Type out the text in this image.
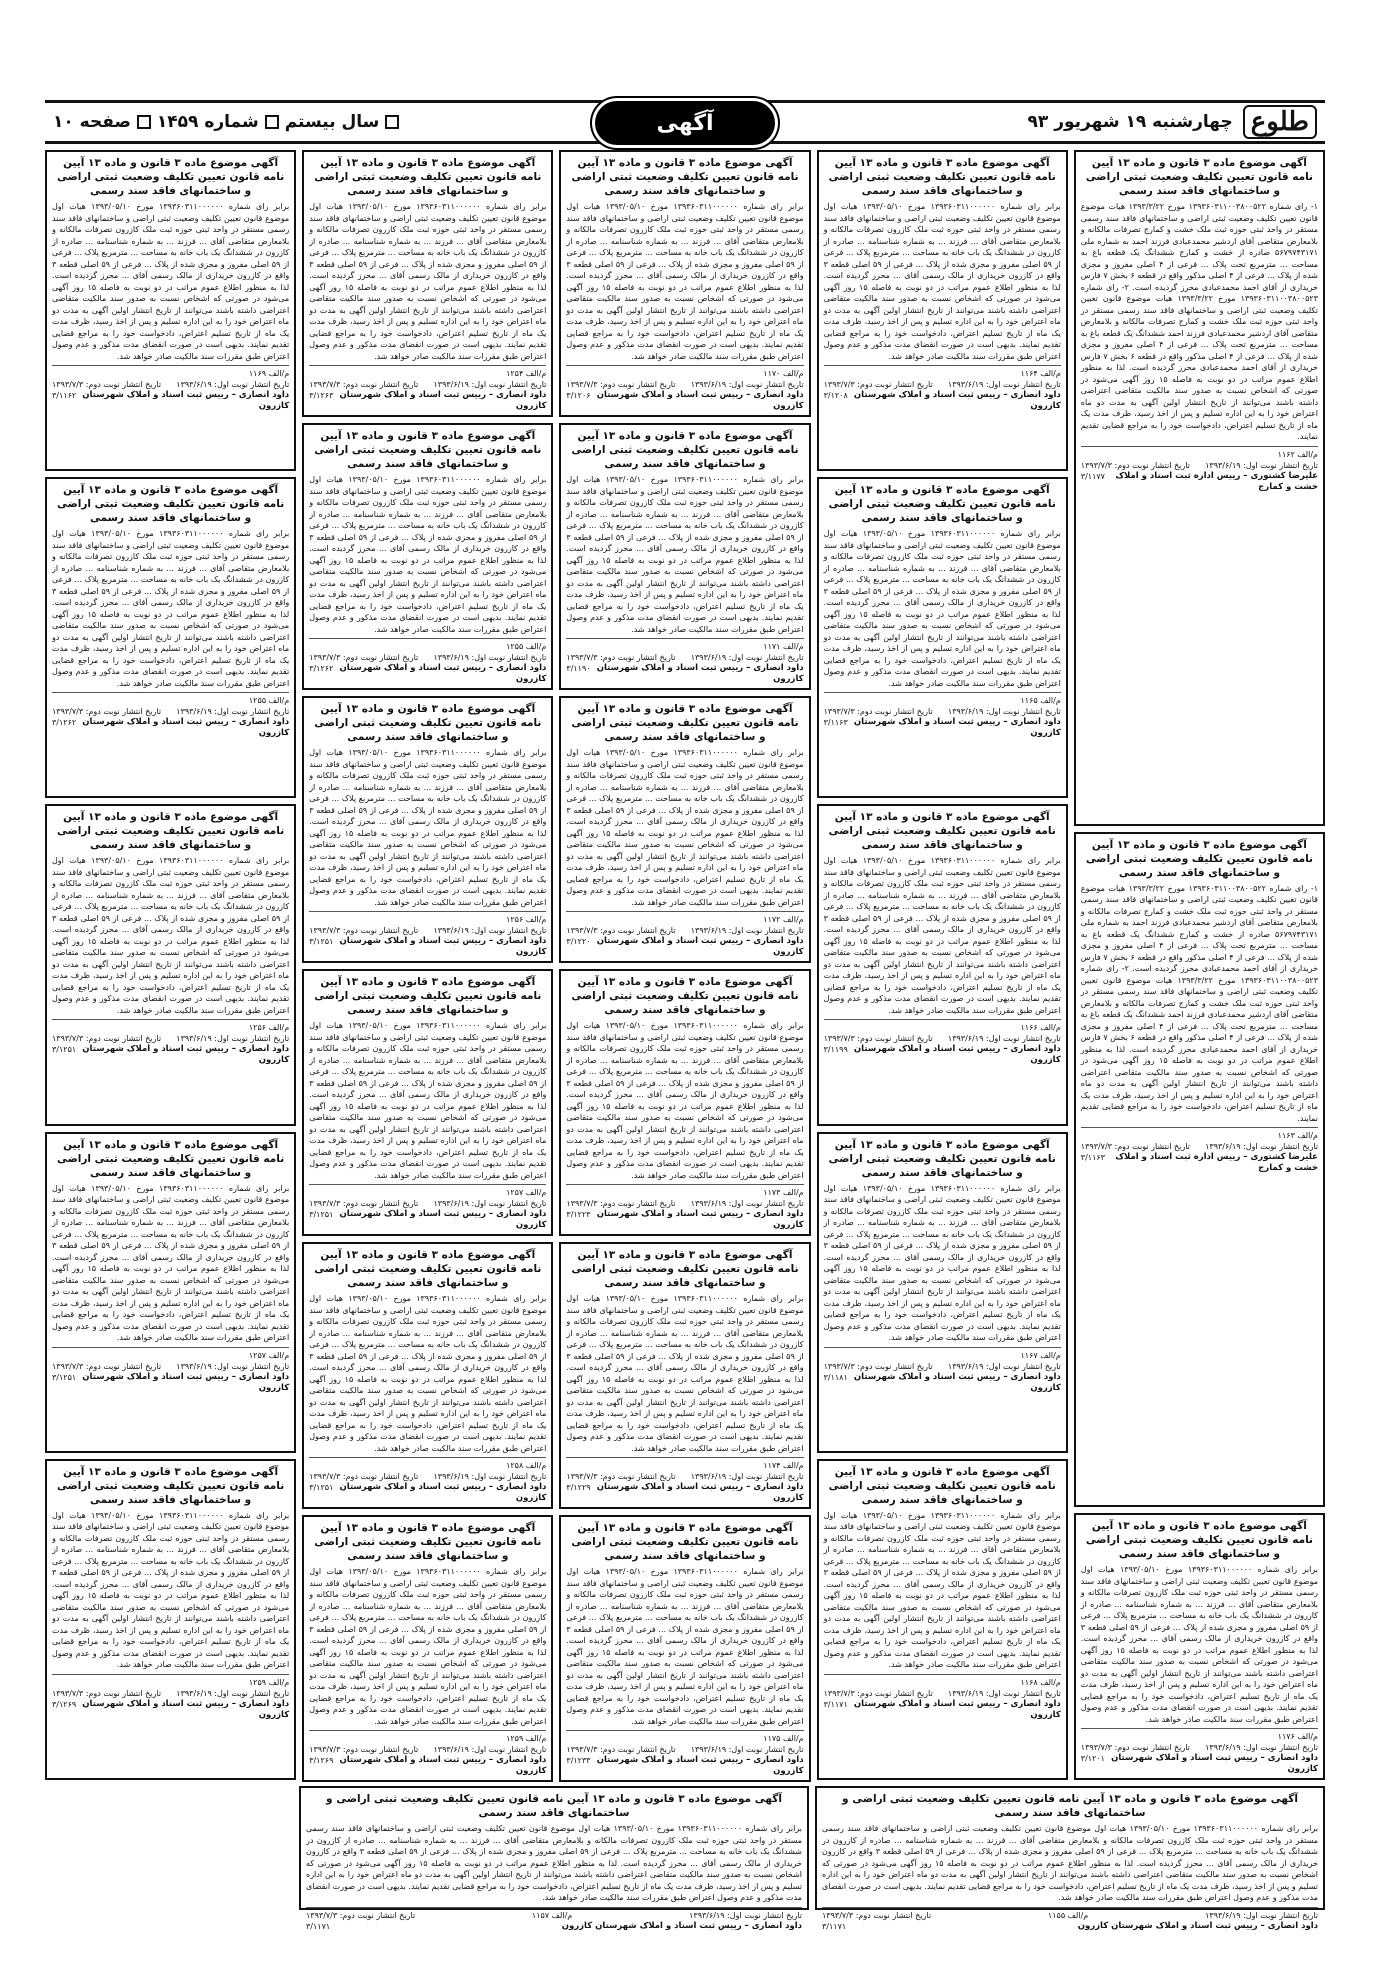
طلوع
چهارشنبه ۱۹ شهریور ۹۳
آگهی
سال بیستم
شماره ۱۴۵۹
صفحه ۱۰
آگهی موضوع ماده ۳ قانون و ماده ۱۳ آیین نامه قانون تعیین تکلیف وضعیت ثبتی اراضی و ساختمانهای فاقد سند رسمی
۱- رای شماره ۱۳۹۳۶۰۳۱۱۰۰۳۸۰۰۵۲۲ مورخ ۱۳۹۳/۳/۲۲ هیات موضوع قانون تعیین تکلیف وضعیت ثبتی اراضی و ساختمانهای فاقد سند رسمی مستقر در واحد ثبتی حوزه ثبت ملک خشت و کمارج تصرفات مالکانه و بلامعارض متقاضی آقای اردشیر محمدعبادی فرزند احمد به شماره ملی ۵۶۷۹۷۴۳۱۷۱ صادره از خشت و کمارج ششدانگ یک قطعه باغ به مساحت ... مترمربع تحت پلاک ... فرعی از ۴ اصلی مفروز و مجزی شده از پلاک ... فرعی از ۴ اصلی مذکور واقع در قطعه ۶ بخش ۷ فارس خریداری از آقای احمد محمدعبادی محرز گردیده است. ۲- رای شماره ۱۳۹۳۶۰۳۱۱۰۰۳۸۰۰۵۲۳ مورخ ۱۳۹۳/۳/۲۲ هیات موضوع قانون تعیین تکلیف وضعیت ثبتی اراضی و ساختمانهای فاقد سند رسمی مستقر در واحد ثبتی حوزه ثبت ملک خشت و کمارج تصرفات مالکانه و بلامعارض متقاضی آقای اردشیر محمدعبادی فرزند احمد ششدانگ یک قطعه باغ به مساحت ... مترمربع تحت پلاک ... فرعی از ۴ اصلی مفروز و مجزی شده از پلاک ... فرعی از ۴ اصلی مذکور واقع در قطعه ۶ بخش ۷ فارس خریداری از آقای احمد محمدعبادی محرز گردیده است. لذا به منظور اطلاع عموم مراتب در دو نوبت به فاصله ۱۵ روز آگهی می‌شود در صورتی که اشخاص نسبت به صدور سند مالکیت متقاضی اعتراضی داشته باشند می‌توانند از تاریخ انتشار اولین آگهی به مدت دو ماه اعتراض خود را به این اداره تسلیم و پس از اخذ رسید، ظرف مدت یک ماه از تاریخ تسلیم اعتراض، دادخواست خود را به مراجع قضایی تقدیم نمایند.
م/الف ۱۱۶۲
تاریخ انتشار نوبت اول: ۱۳۹۳/۶/۱۹
تاریخ انتشار نوبت دوم: ۱۳۹۳/۷/۳
علیرضا کشتوری – رییس اداره ثبت اسناد و املاک خشت و کمارج
۳/۱۱۷۷
آگهی موضوع ماده ۳ قانون و ماده ۱۳ آیین نامه قانون تعیین تکلیف وضعیت ثبتی اراضی و ساختمانهای فاقد سند رسمی
۱- رای شماره ۱۳۹۳۶۰۳۱۱۰۰۳۸۰۰۵۲۲ مورخ ۱۳۹۳/۳/۲۲ هیات موضوع قانون تعیین تکلیف وضعیت ثبتی اراضی و ساختمانهای فاقد سند رسمی مستقر در واحد ثبتی حوزه ثبت ملک خشت و کمارج تصرفات مالکانه و بلامعارض متقاضی آقای اردشیر محمدعبادی فرزند احمد به شماره ملی ۵۶۷۹۷۴۳۱۷۱ صادره از خشت و کمارج ششدانگ یک قطعه باغ به مساحت ... مترمربع تحت پلاک ... فرعی از ۴ اصلی مفروز و مجزی شده از پلاک ... فرعی از ۴ اصلی مذکور واقع در قطعه ۶ بخش ۷ فارس خریداری از آقای احمد محمدعبادی محرز گردیده است. ۲- رای شماره ۱۳۹۳۶۰۳۱۱۰۰۳۸۰۰۵۲۳ مورخ ۱۳۹۳/۳/۲۲ هیات موضوع قانون تعیین تکلیف وضعیت ثبتی اراضی و ساختمانهای فاقد سند رسمی مستقر در واحد ثبتی حوزه ثبت ملک خشت و کمارج تصرفات مالکانه و بلامعارض متقاضی آقای اردشیر محمدعبادی فرزند احمد ششدانگ یک قطعه باغ به مساحت ... مترمربع تحت پلاک ... فرعی از ۴ اصلی مفروز و مجزی شده از پلاک ... فرعی از ۴ اصلی مذکور واقع در قطعه ۶ بخش ۷ فارس خریداری از آقای احمد محمدعبادی محرز گردیده است. لذا به منظور اطلاع عموم مراتب در دو نوبت به فاصله ۱۵ روز آگهی می‌شود در صورتی که اشخاص نسبت به صدور سند مالکیت متقاضی اعتراضی داشته باشند می‌توانند از تاریخ انتشار اولین آگهی به مدت دو ماه اعتراض خود را به این اداره تسلیم و پس از اخذ رسید، ظرف مدت یک ماه از تاریخ تسلیم اعتراض، دادخواست خود را به مراجع قضایی تقدیم نمایند.
م/الف ۱۱۶۳
تاریخ انتشار نوبت اول: ۱۳۹۳/۶/۱۹
تاریخ انتشار نوبت دوم: ۱۳۹۳/۷/۳
علیرضا کشتوری – رییس اداره ثبت اسناد و املاک خشت و کمارج
۳/۱۱۶۳
آگهی موضوع ماده ۳ قانون و ماده ۱۳ آیین نامه قانون تعیین تکلیف وضعیت ثبتی اراضی و ساختمانهای فاقد سند رسمی
برابر رای شماره ۱۳۹۳۶۰۳۱۱۰۰۰۰۰۰ مورخ ۱۳۹۳/۰۵/۱۰ هیات اول موضوع قانون تعیین تکلیف وضعیت ثبتی اراضی و ساختمانهای فاقد سند رسمی مستقر در واحد ثبتی حوزه ثبت ملک کازرون تصرفات مالکانه و بلامعارض متقاضی آقای ... فرزند ... به شماره شناسنامه ... صادره از کازرون در ششدانگ یک باب خانه به مساحت ... مترمربع پلاک ... فرعی از ۵۹ اصلی مفروز و مجزی شده از پلاک ... فرعی از ۵۹ اصلی قطعه ۳ واقع در کازرون خریداری از مالک رسمی آقای ... محرز گردیده است. لذا به منظور اطلاع عموم مراتب در دو نوبت به فاصله ۱۵ روز آگهی می‌شود در صورتی که اشخاص نسبت به صدور سند مالکیت متقاضی اعتراضی داشته باشند می‌توانند از تاریخ انتشار اولین آگهی به مدت دو ماه اعتراض خود را به این اداره تسلیم و پس از اخذ رسید، ظرف مدت یک ماه از تاریخ تسلیم اعتراض، دادخواست خود را به مراجع قضایی تقدیم نمایند. بدیهی است در صورت انقضای مدت مذکور و عدم وصول اعتراض طبق مقررات سند مالکیت صادر خواهد شد.
م/الف ۱۱۷۶
تاریخ انتشار نوبت اول: ۱۳۹۳/۶/۱۹
تاریخ انتشار نوبت دوم: ۱۳۹۳/۷/۳
داود انصاری – رییس ثبت اسناد و املاک شهرستان کازرون
۳/۱۲۰۱
آگهی موضوع ماده ۳ قانون و ماده ۱۳ آیین نامه قانون تعیین تکلیف وضعیت ثبتی اراضی و ساختمانهای فاقد سند رسمی
برابر رای شماره ۱۳۹۳۶۰۳۱۱۰۰۰۰۰۰ مورخ ۱۳۹۳/۰۵/۱۰ هیات اول موضوع قانون تعیین تکلیف وضعیت ثبتی اراضی و ساختمانهای فاقد سند رسمی مستقر در واحد ثبتی حوزه ثبت ملک کازرون تصرفات مالکانه و بلامعارض متقاضی آقای ... فرزند ... به شماره شناسنامه ... صادره از کازرون در ششدانگ یک باب خانه به مساحت ... مترمربع پلاک ... فرعی از ۵۹ اصلی مفروز و مجزی شده از پلاک ... فرعی از ۵۹ اصلی قطعه ۳ واقع در کازرون خریداری از مالک رسمی آقای ... محرز گردیده است. لذا به منظور اطلاع عموم مراتب در دو نوبت به فاصله ۱۵ روز آگهی می‌شود در صورتی که اشخاص نسبت به صدور سند مالکیت متقاضی اعتراضی داشته باشند می‌توانند از تاریخ انتشار اولین آگهی به مدت دو ماه اعتراض خود را به این اداره تسلیم و پس از اخذ رسید، ظرف مدت یک ماه از تاریخ تسلیم اعتراض، دادخواست خود را به مراجع قضایی تقدیم نمایند. بدیهی است در صورت انقضای مدت مذکور و عدم وصول اعتراض طبق مقررات سند مالکیت صادر خواهد شد.
م/الف ۱۱۶۴
تاریخ انتشار نوبت اول: ۱۳۹۳/۶/۱۹
تاریخ انتشار نوبت دوم: ۱۳۹۳/۷/۳
داود انصاری – رییس ثبت اسناد و املاک شهرستان کازرون
۳/۱۲۰۸
آگهی موضوع ماده ۳ قانون و ماده ۱۳ آیین نامه قانون تعیین تکلیف وضعیت ثبتی اراضی و ساختمانهای فاقد سند رسمی
برابر رای شماره ۱۳۹۳۶۰۳۱۱۰۰۰۰۰۰ مورخ ۱۳۹۳/۰۵/۱۰ هیات اول موضوع قانون تعیین تکلیف وضعیت ثبتی اراضی و ساختمانهای فاقد سند رسمی مستقر در واحد ثبتی حوزه ثبت ملک کازرون تصرفات مالکانه و بلامعارض متقاضی آقای ... فرزند ... به شماره شناسنامه ... صادره از کازرون در ششدانگ یک باب خانه به مساحت ... مترمربع پلاک ... فرعی از ۵۹ اصلی مفروز و مجزی شده از پلاک ... فرعی از ۵۹ اصلی قطعه ۳ واقع در کازرون خریداری از مالک رسمی آقای ... محرز گردیده است. لذا به منظور اطلاع عموم مراتب در دو نوبت به فاصله ۱۵ روز آگهی می‌شود در صورتی که اشخاص نسبت به صدور سند مالکیت متقاضی اعتراضی داشته باشند می‌توانند از تاریخ انتشار اولین آگهی به مدت دو ماه اعتراض خود را به این اداره تسلیم و پس از اخذ رسید، ظرف مدت یک ماه از تاریخ تسلیم اعتراض، دادخواست خود را به مراجع قضایی تقدیم نمایند. بدیهی است در صورت انقضای مدت مذکور و عدم وصول اعتراض طبق مقررات سند مالکیت صادر خواهد شد.
م/الف ۱۱۶۵
تاریخ انتشار نوبت اول: ۱۳۹۳/۶/۱۹
تاریخ انتشار نوبت دوم: ۱۳۹۳/۷/۳
داود انصاری – رییس ثبت اسناد و املاک شهرستان کازرون
۳/۱۱۶۳
آگهی موضوع ماده ۳ قانون و ماده ۱۳ آیین نامه قانون تعیین تکلیف وضعیت ثبتی اراضی و ساختمانهای فاقد سند رسمی
برابر رای شماره ۱۳۹۳۶۰۳۱۱۰۰۰۰۰۰ مورخ ۱۳۹۳/۰۵/۱۰ هیات اول موضوع قانون تعیین تکلیف وضعیت ثبتی اراضی و ساختمانهای فاقد سند رسمی مستقر در واحد ثبتی حوزه ثبت ملک کازرون تصرفات مالکانه و بلامعارض متقاضی آقای ... فرزند ... به شماره شناسنامه ... صادره از کازرون در ششدانگ یک باب خانه به مساحت ... مترمربع پلاک ... فرعی از ۵۹ اصلی مفروز و مجزی شده از پلاک ... فرعی از ۵۹ اصلی قطعه ۳ واقع در کازرون خریداری از مالک رسمی آقای ... محرز گردیده است. لذا به منظور اطلاع عموم مراتب در دو نوبت به فاصله ۱۵ روز آگهی می‌شود در صورتی که اشخاص نسبت به صدور سند مالکیت متقاضی اعتراضی داشته باشند می‌توانند از تاریخ انتشار اولین آگهی به مدت دو ماه اعتراض خود را به این اداره تسلیم و پس از اخذ رسید، ظرف مدت یک ماه از تاریخ تسلیم اعتراض، دادخواست خود را به مراجع قضایی تقدیم نمایند. بدیهی است در صورت انقضای مدت مذکور و عدم وصول اعتراض طبق مقررات سند مالکیت صادر خواهد شد.
م/الف ۱۱۶۶
تاریخ انتشار نوبت اول: ۱۳۹۳/۶/۱۹
تاریخ انتشار نوبت دوم: ۱۳۹۳/۷/۳
داود انصاری – رییس ثبت اسناد و املاک شهرستان کازرون
۳/۱۱۹۹
آگهی موضوع ماده ۳ قانون و ماده ۱۳ آیین نامه قانون تعیین تکلیف وضعیت ثبتی اراضی و ساختمانهای فاقد سند رسمی
برابر رای شماره ۱۳۹۳۶۰۳۱۱۰۰۰۰۰۰ مورخ ۱۳۹۳/۰۵/۱۰ هیات اول موضوع قانون تعیین تکلیف وضعیت ثبتی اراضی و ساختمانهای فاقد سند رسمی مستقر در واحد ثبتی حوزه ثبت ملک کازرون تصرفات مالکانه و بلامعارض متقاضی آقای ... فرزند ... به شماره شناسنامه ... صادره از کازرون در ششدانگ یک باب خانه به مساحت ... مترمربع پلاک ... فرعی از ۵۹ اصلی مفروز و مجزی شده از پلاک ... فرعی از ۵۹ اصلی قطعه ۳ واقع در کازرون خریداری از مالک رسمی آقای ... محرز گردیده است. لذا به منظور اطلاع عموم مراتب در دو نوبت به فاصله ۱۵ روز آگهی می‌شود در صورتی که اشخاص نسبت به صدور سند مالکیت متقاضی اعتراضی داشته باشند می‌توانند از تاریخ انتشار اولین آگهی به مدت دو ماه اعتراض خود را به این اداره تسلیم و پس از اخذ رسید، ظرف مدت یک ماه از تاریخ تسلیم اعتراض، دادخواست خود را به مراجع قضایی تقدیم نمایند. بدیهی است در صورت انقضای مدت مذکور و عدم وصول اعتراض طبق مقررات سند مالکیت صادر خواهد شد.
م/الف ۱۱۶۷
تاریخ انتشار نوبت اول: ۱۳۹۳/۶/۱۹
تاریخ انتشار نوبت دوم: ۱۳۹۳/۷/۳
داود انصاری – رییس ثبت اسناد و املاک شهرستان کازرون
۳/۱۱۸۱
آگهی موضوع ماده ۳ قانون و ماده ۱۳ آیین نامه قانون تعیین تکلیف وضعیت ثبتی اراضی و ساختمانهای فاقد سند رسمی
برابر رای شماره ۱۳۹۳۶۰۳۱۱۰۰۰۰۰۰ مورخ ۱۳۹۳/۰۵/۱۰ هیات اول موضوع قانون تعیین تکلیف وضعیت ثبتی اراضی و ساختمانهای فاقد سند رسمی مستقر در واحد ثبتی حوزه ثبت ملک کازرون تصرفات مالکانه و بلامعارض متقاضی آقای ... فرزند ... به شماره شناسنامه ... صادره از کازرون در ششدانگ یک باب خانه به مساحت ... مترمربع پلاک ... فرعی از ۵۹ اصلی مفروز و مجزی شده از پلاک ... فرعی از ۵۹ اصلی قطعه ۳ واقع در کازرون خریداری از مالک رسمی آقای ... محرز گردیده است. لذا به منظور اطلاع عموم مراتب در دو نوبت به فاصله ۱۵ روز آگهی می‌شود در صورتی که اشخاص نسبت به صدور سند مالکیت متقاضی اعتراضی داشته باشند می‌توانند از تاریخ انتشار اولین آگهی به مدت دو ماه اعتراض خود را به این اداره تسلیم و پس از اخذ رسید، ظرف مدت یک ماه از تاریخ تسلیم اعتراض، دادخواست خود را به مراجع قضایی تقدیم نمایند. بدیهی است در صورت انقضای مدت مذکور و عدم وصول اعتراض طبق مقررات سند مالکیت صادر خواهد شد.
م/الف ۱۱۶۸
تاریخ انتشار نوبت اول: ۱۳۹۳/۶/۱۹
تاریخ انتشار نوبت دوم: ۱۳۹۳/۷/۳
داود انصاری – رییس ثبت اسناد و املاک شهرستان کازرون
۳/۱۱۷۱
آگهی موضوع ماده ۳ قانون و ماده ۱۳ آیین نامه قانون تعیین تکلیف وضعیت ثبتی اراضی و ساختمانهای فاقد سند رسمی
برابر رای شماره ۱۳۹۳۶۰۳۱۱۰۰۰۰۰۰ مورخ ۱۳۹۳/۰۵/۱۰ هیات اول موضوع قانون تعیین تکلیف وضعیت ثبتی اراضی و ساختمانهای فاقد سند رسمی مستقر در واحد ثبتی حوزه ثبت ملک کازرون تصرفات مالکانه و بلامعارض متقاضی آقای ... فرزند ... به شماره شناسنامه ... صادره از کازرون در ششدانگ یک باب خانه به مساحت ... مترمربع پلاک ... فرعی از ۵۹ اصلی مفروز و مجزی شده از پلاک ... فرعی از ۵۹ اصلی قطعه ۳ واقع در کازرون خریداری از مالک رسمی آقای ... محرز گردیده است. لذا به منظور اطلاع عموم مراتب در دو نوبت به فاصله ۱۵ روز آگهی می‌شود در صورتی که اشخاص نسبت به صدور سند مالکیت متقاضی اعتراضی داشته باشند می‌توانند از تاریخ انتشار اولین آگهی به مدت دو ماه اعتراض خود را به این اداره تسلیم و پس از اخذ رسید، ظرف مدت یک ماه از تاریخ تسلیم اعتراض، دادخواست خود را به مراجع قضایی تقدیم نمایند. بدیهی است در صورت انقضای مدت مذکور و عدم وصول اعتراض طبق مقررات سند مالکیت صادر خواهد شد.
م/الف ۱۱۷۰
تاریخ انتشار نوبت اول: ۱۳۹۳/۶/۱۹
تاریخ انتشار نوبت دوم: ۱۳۹۳/۷/۳
داود انصاری – رییس ثبت اسناد و املاک شهرستان کازرون
۳/۱۲۰۶
آگهی موضوع ماده ۳ قانون و ماده ۱۳ آیین نامه قانون تعیین تکلیف وضعیت ثبتی اراضی و ساختمانهای فاقد سند رسمی
برابر رای شماره ۱۳۹۳۶۰۳۱۱۰۰۰۰۰۰ مورخ ۱۳۹۳/۰۵/۱۰ هیات اول موضوع قانون تعیین تکلیف وضعیت ثبتی اراضی و ساختمانهای فاقد سند رسمی مستقر در واحد ثبتی حوزه ثبت ملک کازرون تصرفات مالکانه و بلامعارض متقاضی آقای ... فرزند ... به شماره شناسنامه ... صادره از کازرون در ششدانگ یک باب خانه به مساحت ... مترمربع پلاک ... فرعی از ۵۹ اصلی مفروز و مجزی شده از پلاک ... فرعی از ۵۹ اصلی قطعه ۳ واقع در کازرون خریداری از مالک رسمی آقای ... محرز گردیده است. لذا به منظور اطلاع عموم مراتب در دو نوبت به فاصله ۱۵ روز آگهی می‌شود در صورتی که اشخاص نسبت به صدور سند مالکیت متقاضی اعتراضی داشته باشند می‌توانند از تاریخ انتشار اولین آگهی به مدت دو ماه اعتراض خود را به این اداره تسلیم و پس از اخذ رسید، ظرف مدت یک ماه از تاریخ تسلیم اعتراض، دادخواست خود را به مراجع قضایی تقدیم نمایند. بدیهی است در صورت انقضای مدت مذکور و عدم وصول اعتراض طبق مقررات سند مالکیت صادر خواهد شد.
م/الف ۱۱۷۱
تاریخ انتشار نوبت اول: ۱۳۹۳/۶/۱۹
تاریخ انتشار نوبت دوم: ۱۳۹۳/۷/۳
داود انصاری – رییس ثبت اسناد و املاک شهرستان کازرون
۳/۱۱۹۰
آگهی موضوع ماده ۳ قانون و ماده ۱۳ آیین نامه قانون تعیین تکلیف وضعیت ثبتی اراضی و ساختمانهای فاقد سند رسمی
برابر رای شماره ۱۳۹۳۶۰۳۱۱۰۰۰۰۰۰ مورخ ۱۳۹۳/۰۵/۱۰ هیات اول موضوع قانون تعیین تکلیف وضعیت ثبتی اراضی و ساختمانهای فاقد سند رسمی مستقر در واحد ثبتی حوزه ثبت ملک کازرون تصرفات مالکانه و بلامعارض متقاضی آقای ... فرزند ... به شماره شناسنامه ... صادره از کازرون در ششدانگ یک باب خانه به مساحت ... مترمربع پلاک ... فرعی از ۵۹ اصلی مفروز و مجزی شده از پلاک ... فرعی از ۵۹ اصلی قطعه ۳ واقع در کازرون خریداری از مالک رسمی آقای ... محرز گردیده است. لذا به منظور اطلاع عموم مراتب در دو نوبت به فاصله ۱۵ روز آگهی می‌شود در صورتی که اشخاص نسبت به صدور سند مالکیت متقاضی اعتراضی داشته باشند می‌توانند از تاریخ انتشار اولین آگهی به مدت دو ماه اعتراض خود را به این اداره تسلیم و پس از اخذ رسید، ظرف مدت یک ماه از تاریخ تسلیم اعتراض، دادخواست خود را به مراجع قضایی تقدیم نمایند. بدیهی است در صورت انقضای مدت مذکور و عدم وصول اعتراض طبق مقررات سند مالکیت صادر خواهد شد.
م/الف ۱۱۷۲
تاریخ انتشار نوبت اول: ۱۳۹۳/۶/۱۹
تاریخ انتشار نوبت دوم: ۱۳۹۳/۷/۳
داود انصاری – رییس ثبت اسناد و املاک شهرستان کازرون
۳/۱۲۲۰
آگهی موضوع ماده ۳ قانون و ماده ۱۳ آیین نامه قانون تعیین تکلیف وضعیت ثبتی اراضی و ساختمانهای فاقد سند رسمی
برابر رای شماره ۱۳۹۳۶۰۳۱۱۰۰۰۰۰۰ مورخ ۱۳۹۳/۰۵/۱۰ هیات اول موضوع قانون تعیین تکلیف وضعیت ثبتی اراضی و ساختمانهای فاقد سند رسمی مستقر در واحد ثبتی حوزه ثبت ملک کازرون تصرفات مالکانه و بلامعارض متقاضی آقای ... فرزند ... به شماره شناسنامه ... صادره از کازرون در ششدانگ یک باب خانه به مساحت ... مترمربع پلاک ... فرعی از ۵۹ اصلی مفروز و مجزی شده از پلاک ... فرعی از ۵۹ اصلی قطعه ۳ واقع در کازرون خریداری از مالک رسمی آقای ... محرز گردیده است. لذا به منظور اطلاع عموم مراتب در دو نوبت به فاصله ۱۵ روز آگهی می‌شود در صورتی که اشخاص نسبت به صدور سند مالکیت متقاضی اعتراضی داشته باشند می‌توانند از تاریخ انتشار اولین آگهی به مدت دو ماه اعتراض خود را به این اداره تسلیم و پس از اخذ رسید، ظرف مدت یک ماه از تاریخ تسلیم اعتراض، دادخواست خود را به مراجع قضایی تقدیم نمایند. بدیهی است در صورت انقضای مدت مذکور و عدم وصول اعتراض طبق مقررات سند مالکیت صادر خواهد شد.
م/الف ۱۱۷۳
تاریخ انتشار نوبت اول: ۱۳۹۳/۶/۱۹
تاریخ انتشار نوبت دوم: ۱۳۹۳/۷/۳
داود انصاری – رییس ثبت اسناد و املاک شهرستان کازرون
۳/۱۲۲۳
آگهی موضوع ماده ۳ قانون و ماده ۱۳ آیین نامه قانون تعیین تکلیف وضعیت ثبتی اراضی و ساختمانهای فاقد سند رسمی
برابر رای شماره ۱۳۹۳۶۰۳۱۱۰۰۰۰۰۰ مورخ ۱۳۹۳/۰۵/۱۰ هیات اول موضوع قانون تعیین تکلیف وضعیت ثبتی اراضی و ساختمانهای فاقد سند رسمی مستقر در واحد ثبتی حوزه ثبت ملک کازرون تصرفات مالکانه و بلامعارض متقاضی آقای ... فرزند ... به شماره شناسنامه ... صادره از کازرون در ششدانگ یک باب خانه به مساحت ... مترمربع پلاک ... فرعی از ۵۹ اصلی مفروز و مجزی شده از پلاک ... فرعی از ۵۹ اصلی قطعه ۳ واقع در کازرون خریداری از مالک رسمی آقای ... محرز گردیده است. لذا به منظور اطلاع عموم مراتب در دو نوبت به فاصله ۱۵ روز آگهی می‌شود در صورتی که اشخاص نسبت به صدور سند مالکیت متقاضی اعتراضی داشته باشند می‌توانند از تاریخ انتشار اولین آگهی به مدت دو ماه اعتراض خود را به این اداره تسلیم و پس از اخذ رسید، ظرف مدت یک ماه از تاریخ تسلیم اعتراض، دادخواست خود را به مراجع قضایی تقدیم نمایند. بدیهی است در صورت انقضای مدت مذکور و عدم وصول اعتراض طبق مقررات سند مالکیت صادر خواهد شد.
م/الف ۱۱۷۴
تاریخ انتشار نوبت اول: ۱۳۹۳/۶/۱۹
تاریخ انتشار نوبت دوم: ۱۳۹۳/۷/۳
داود انصاری – رییس ثبت اسناد و املاک شهرستان کازرون
۳/۱۲۲۹
آگهی موضوع ماده ۳ قانون و ماده ۱۳ آیین نامه قانون تعیین تکلیف وضعیت ثبتی اراضی و ساختمانهای فاقد سند رسمی
برابر رای شماره ۱۳۹۳۶۰۳۱۱۰۰۰۰۰۰ مورخ ۱۳۹۳/۰۵/۱۰ هیات اول موضوع قانون تعیین تکلیف وضعیت ثبتی اراضی و ساختمانهای فاقد سند رسمی مستقر در واحد ثبتی حوزه ثبت ملک کازرون تصرفات مالکانه و بلامعارض متقاضی آقای ... فرزند ... به شماره شناسنامه ... صادره از کازرون در ششدانگ یک باب خانه به مساحت ... مترمربع پلاک ... فرعی از ۵۹ اصلی مفروز و مجزی شده از پلاک ... فرعی از ۵۹ اصلی قطعه ۳ واقع در کازرون خریداری از مالک رسمی آقای ... محرز گردیده است. لذا به منظور اطلاع عموم مراتب در دو نوبت به فاصله ۱۵ روز آگهی می‌شود در صورتی که اشخاص نسبت به صدور سند مالکیت متقاضی اعتراضی داشته باشند می‌توانند از تاریخ انتشار اولین آگهی به مدت دو ماه اعتراض خود را به این اداره تسلیم و پس از اخذ رسید، ظرف مدت یک ماه از تاریخ تسلیم اعتراض، دادخواست خود را به مراجع قضایی تقدیم نمایند. بدیهی است در صورت انقضای مدت مذکور و عدم وصول اعتراض طبق مقررات سند مالکیت صادر خواهد شد.
م/الف ۱۱۷۵
تاریخ انتشار نوبت اول: ۱۳۹۳/۶/۱۹
تاریخ انتشار نوبت دوم: ۱۳۹۳/۷/۳
داود انصاری – رییس ثبت اسناد و املاک شهرستان کازرون
۳/۱۲۳۳
آگهی موضوع ماده ۳ قانون و ماده ۱۳ آیین نامه قانون تعیین تکلیف وضعیت ثبتی اراضی و ساختمانهای فاقد سند رسمی
برابر رای شماره ۱۳۹۳۶۰۳۱۱۰۰۰۰۰۰ مورخ ۱۳۹۳/۰۵/۱۰ هیات اول موضوع قانون تعیین تکلیف وضعیت ثبتی اراضی و ساختمانهای فاقد سند رسمی مستقر در واحد ثبتی حوزه ثبت ملک کازرون تصرفات مالکانه و بلامعارض متقاضی آقای ... فرزند ... به شماره شناسنامه ... صادره از کازرون در ششدانگ یک باب خانه به مساحت ... مترمربع پلاک ... فرعی از ۵۹ اصلی مفروز و مجزی شده از پلاک ... فرعی از ۵۹ اصلی قطعه ۳ واقع در کازرون خریداری از مالک رسمی آقای ... محرز گردیده است. لذا به منظور اطلاع عموم مراتب در دو نوبت به فاصله ۱۵ روز آگهی می‌شود در صورتی که اشخاص نسبت به صدور سند مالکیت متقاضی اعتراضی داشته باشند می‌توانند از تاریخ انتشار اولین آگهی به مدت دو ماه اعتراض خود را به این اداره تسلیم و پس از اخذ رسید، ظرف مدت یک ماه از تاریخ تسلیم اعتراض، دادخواست خود را به مراجع قضایی تقدیم نمایند. بدیهی است در صورت انقضای مدت مذکور و عدم وصول اعتراض طبق مقررات سند مالکیت صادر خواهد شد.
م/الف ۱۲۵۴
تاریخ انتشار نوبت اول: ۱۳۹۳/۶/۱۹
تاریخ انتشار نوبت دوم: ۱۳۹۳/۷/۳
داود انصاری – رییس ثبت اسناد و املاک شهرستان کازرون
۳/۱۲۶۳
آگهی موضوع ماده ۳ قانون و ماده ۱۳ آیین نامه قانون تعیین تکلیف وضعیت ثبتی اراضی و ساختمانهای فاقد سند رسمی
برابر رای شماره ۱۳۹۳۶۰۳۱۱۰۰۰۰۰۰ مورخ ۱۳۹۳/۰۵/۱۰ هیات اول موضوع قانون تعیین تکلیف وضعیت ثبتی اراضی و ساختمانهای فاقد سند رسمی مستقر در واحد ثبتی حوزه ثبت ملک کازرون تصرفات مالکانه و بلامعارض متقاضی آقای ... فرزند ... به شماره شناسنامه ... صادره از کازرون در ششدانگ یک باب خانه به مساحت ... مترمربع پلاک ... فرعی از ۵۹ اصلی مفروز و مجزی شده از پلاک ... فرعی از ۵۹ اصلی قطعه ۳ واقع در کازرون خریداری از مالک رسمی آقای ... محرز گردیده است. لذا به منظور اطلاع عموم مراتب در دو نوبت به فاصله ۱۵ روز آگهی می‌شود در صورتی که اشخاص نسبت به صدور سند مالکیت متقاضی اعتراضی داشته باشند می‌توانند از تاریخ انتشار اولین آگهی به مدت دو ماه اعتراض خود را به این اداره تسلیم و پس از اخذ رسید، ظرف مدت یک ماه از تاریخ تسلیم اعتراض، دادخواست خود را به مراجع قضایی تقدیم نمایند. بدیهی است در صورت انقضای مدت مذکور و عدم وصول اعتراض طبق مقررات سند مالکیت صادر خواهد شد.
م/الف ۱۲۵۵
تاریخ انتشار نوبت اول: ۱۳۹۳/۶/۱۹
تاریخ انتشار نوبت دوم: ۱۳۹۳/۷/۳
داود انصاری – رییس ثبت اسناد و املاک شهرستان کازرون
۳/۱۲۶۲
آگهی موضوع ماده ۳ قانون و ماده ۱۳ آیین نامه قانون تعیین تکلیف وضعیت ثبتی اراضی و ساختمانهای فاقد سند رسمی
برابر رای شماره ۱۳۹۳۶۰۳۱۱۰۰۰۰۰۰ مورخ ۱۳۹۳/۰۵/۱۰ هیات اول موضوع قانون تعیین تکلیف وضعیت ثبتی اراضی و ساختمانهای فاقد سند رسمی مستقر در واحد ثبتی حوزه ثبت ملک کازرون تصرفات مالکانه و بلامعارض متقاضی آقای ... فرزند ... به شماره شناسنامه ... صادره از کازرون در ششدانگ یک باب خانه به مساحت ... مترمربع پلاک ... فرعی از ۵۹ اصلی مفروز و مجزی شده از پلاک ... فرعی از ۵۹ اصلی قطعه ۳ واقع در کازرون خریداری از مالک رسمی آقای ... محرز گردیده است. لذا به منظور اطلاع عموم مراتب در دو نوبت به فاصله ۱۵ روز آگهی می‌شود در صورتی که اشخاص نسبت به صدور سند مالکیت متقاضی اعتراضی داشته باشند می‌توانند از تاریخ انتشار اولین آگهی به مدت دو ماه اعتراض خود را به این اداره تسلیم و پس از اخذ رسید، ظرف مدت یک ماه از تاریخ تسلیم اعتراض، دادخواست خود را به مراجع قضایی تقدیم نمایند. بدیهی است در صورت انقضای مدت مذکور و عدم وصول اعتراض طبق مقررات سند مالکیت صادر خواهد شد.
م/الف ۱۲۵۶
تاریخ انتشار نوبت اول: ۱۳۹۳/۶/۱۹
تاریخ انتشار نوبت دوم: ۱۳۹۳/۷/۳
داود انصاری – رییس ثبت اسناد و املاک شهرستان کازرون
۳/۱۲۵۱
آگهی موضوع ماده ۳ قانون و ماده ۱۳ آیین نامه قانون تعیین تکلیف وضعیت ثبتی اراضی و ساختمانهای فاقد سند رسمی
برابر رای شماره ۱۳۹۳۶۰۳۱۱۰۰۰۰۰۰ مورخ ۱۳۹۳/۰۵/۱۰ هیات اول موضوع قانون تعیین تکلیف وضعیت ثبتی اراضی و ساختمانهای فاقد سند رسمی مستقر در واحد ثبتی حوزه ثبت ملک کازرون تصرفات مالکانه و بلامعارض متقاضی آقای ... فرزند ... به شماره شناسنامه ... صادره از کازرون در ششدانگ یک باب خانه به مساحت ... مترمربع پلاک ... فرعی از ۵۹ اصلی مفروز و مجزی شده از پلاک ... فرعی از ۵۹ اصلی قطعه ۳ واقع در کازرون خریداری از مالک رسمی آقای ... محرز گردیده است. لذا به منظور اطلاع عموم مراتب در دو نوبت به فاصله ۱۵ روز آگهی می‌شود در صورتی که اشخاص نسبت به صدور سند مالکیت متقاضی اعتراضی داشته باشند می‌توانند از تاریخ انتشار اولین آگهی به مدت دو ماه اعتراض خود را به این اداره تسلیم و پس از اخذ رسید، ظرف مدت یک ماه از تاریخ تسلیم اعتراض، دادخواست خود را به مراجع قضایی تقدیم نمایند. بدیهی است در صورت انقضای مدت مذکور و عدم وصول اعتراض طبق مقررات سند مالکیت صادر خواهد شد.
م/الف ۱۲۵۷
تاریخ انتشار نوبت اول: ۱۳۹۳/۶/۱۹
تاریخ انتشار نوبت دوم: ۱۳۹۳/۷/۳
داود انصاری – رییس ثبت اسناد و املاک شهرستان کازرون
۳/۱۲۵۱
آگهی موضوع ماده ۳ قانون و ماده ۱۳ آیین نامه قانون تعیین تکلیف وضعیت ثبتی اراضی و ساختمانهای فاقد سند رسمی
برابر رای شماره ۱۳۹۳۶۰۳۱۱۰۰۰۰۰۰ مورخ ۱۳۹۳/۰۵/۱۰ هیات اول موضوع قانون تعیین تکلیف وضعیت ثبتی اراضی و ساختمانهای فاقد سند رسمی مستقر در واحد ثبتی حوزه ثبت ملک کازرون تصرفات مالکانه و بلامعارض متقاضی آقای ... فرزند ... به شماره شناسنامه ... صادره از کازرون در ششدانگ یک باب خانه به مساحت ... مترمربع پلاک ... فرعی از ۵۹ اصلی مفروز و مجزی شده از پلاک ... فرعی از ۵۹ اصلی قطعه ۳ واقع در کازرون خریداری از مالک رسمی آقای ... محرز گردیده است. لذا به منظور اطلاع عموم مراتب در دو نوبت به فاصله ۱۵ روز آگهی می‌شود در صورتی که اشخاص نسبت به صدور سند مالکیت متقاضی اعتراضی داشته باشند می‌توانند از تاریخ انتشار اولین آگهی به مدت دو ماه اعتراض خود را به این اداره تسلیم و پس از اخذ رسید، ظرف مدت یک ماه از تاریخ تسلیم اعتراض، دادخواست خود را به مراجع قضایی تقدیم نمایند. بدیهی است در صورت انقضای مدت مذکور و عدم وصول اعتراض طبق مقررات سند مالکیت صادر خواهد شد.
م/الف ۱۲۵۸
تاریخ انتشار نوبت اول: ۱۳۹۳/۶/۱۹
تاریخ انتشار نوبت دوم: ۱۳۹۳/۷/۳
داود انصاری – رییس ثبت اسناد و املاک شهرستان کازرون
۳/۱۲۵۱
آگهی موضوع ماده ۳ قانون و ماده ۱۳ آیین نامه قانون تعیین تکلیف وضعیت ثبتی اراضی و ساختمانهای فاقد سند رسمی
برابر رای شماره ۱۳۹۳۶۰۳۱۱۰۰۰۰۰۰ مورخ ۱۳۹۳/۰۵/۱۰ هیات اول موضوع قانون تعیین تکلیف وضعیت ثبتی اراضی و ساختمانهای فاقد سند رسمی مستقر در واحد ثبتی حوزه ثبت ملک کازرون تصرفات مالکانه و بلامعارض متقاضی آقای ... فرزند ... به شماره شناسنامه ... صادره از کازرون در ششدانگ یک باب خانه به مساحت ... مترمربع پلاک ... فرعی از ۵۹ اصلی مفروز و مجزی شده از پلاک ... فرعی از ۵۹ اصلی قطعه ۳ واقع در کازرون خریداری از مالک رسمی آقای ... محرز گردیده است. لذا به منظور اطلاع عموم مراتب در دو نوبت به فاصله ۱۵ روز آگهی می‌شود در صورتی که اشخاص نسبت به صدور سند مالکیت متقاضی اعتراضی داشته باشند می‌توانند از تاریخ انتشار اولین آگهی به مدت دو ماه اعتراض خود را به این اداره تسلیم و پس از اخذ رسید، ظرف مدت یک ماه از تاریخ تسلیم اعتراض، دادخواست خود را به مراجع قضایی تقدیم نمایند. بدیهی است در صورت انقضای مدت مذکور و عدم وصول اعتراض طبق مقررات سند مالکیت صادر خواهد شد.
م/الف ۱۲۵۹
تاریخ انتشار نوبت اول: ۱۳۹۳/۶/۱۹
تاریخ انتشار نوبت دوم: ۱۳۹۳/۷/۳
داود انصاری – رییس ثبت اسناد و املاک شهرستان کازرون
۳/۱۲۶۹
آگهی موضوع ماده ۳ قانون و ماده ۱۳ آیین نامه قانون تعیین تکلیف وضعیت ثبتی اراضی و ساختمانهای فاقد سند رسمی
برابر رای شماره ۱۳۹۳۶۰۳۱۱۰۰۰۰۰۰ مورخ ۱۳۹۳/۰۵/۱۰ هیات اول موضوع قانون تعیین تکلیف وضعیت ثبتی اراضی و ساختمانهای فاقد سند رسمی مستقر در واحد ثبتی حوزه ثبت ملک کازرون تصرفات مالکانه و بلامعارض متقاضی آقای ... فرزند ... به شماره شناسنامه ... صادره از کازرون در ششدانگ یک باب خانه به مساحت ... مترمربع پلاک ... فرعی از ۵۹ اصلی مفروز و مجزی شده از پلاک ... فرعی از ۵۹ اصلی قطعه ۳ واقع در کازرون خریداری از مالک رسمی آقای ... محرز گردیده است. لذا به منظور اطلاع عموم مراتب در دو نوبت به فاصله ۱۵ روز آگهی می‌شود در صورتی که اشخاص نسبت به صدور سند مالکیت متقاضی اعتراضی داشته باشند می‌توانند از تاریخ انتشار اولین آگهی به مدت دو ماه اعتراض خود را به این اداره تسلیم و پس از اخذ رسید، ظرف مدت یک ماه از تاریخ تسلیم اعتراض، دادخواست خود را به مراجع قضایی تقدیم نمایند. بدیهی است در صورت انقضای مدت مذکور و عدم وصول اعتراض طبق مقررات سند مالکیت صادر خواهد شد.
م/الف ۱۱۶۹
تاریخ انتشار نوبت اول: ۱۳۹۳/۶/۱۹
تاریخ انتشار نوبت دوم: ۱۳۹۳/۷/۳
داود انصاری – رییس ثبت اسناد و املاک شهرستان کازرون
۳/۱۱۶۲
آگهی موضوع ماده ۳ قانون و ماده ۱۳ آیین نامه قانون تعیین تکلیف وضعیت ثبتی اراضی و ساختمانهای فاقد سند رسمی
برابر رای شماره ۱۳۹۳۶۰۳۱۱۰۰۰۰۰۰ مورخ ۱۳۹۳/۰۵/۱۰ هیات اول موضوع قانون تعیین تکلیف وضعیت ثبتی اراضی و ساختمانهای فاقد سند رسمی مستقر در واحد ثبتی حوزه ثبت ملک کازرون تصرفات مالکانه و بلامعارض متقاضی آقای ... فرزند ... به شماره شناسنامه ... صادره از کازرون در ششدانگ یک باب خانه به مساحت ... مترمربع پلاک ... فرعی از ۵۹ اصلی مفروز و مجزی شده از پلاک ... فرعی از ۵۹ اصلی قطعه ۳ واقع در کازرون خریداری از مالک رسمی آقای ... محرز گردیده است. لذا به منظور اطلاع عموم مراتب در دو نوبت به فاصله ۱۵ روز آگهی می‌شود در صورتی که اشخاص نسبت به صدور سند مالکیت متقاضی اعتراضی داشته باشند می‌توانند از تاریخ انتشار اولین آگهی به مدت دو ماه اعتراض خود را به این اداره تسلیم و پس از اخذ رسید، ظرف مدت یک ماه از تاریخ تسلیم اعتراض، دادخواست خود را به مراجع قضایی تقدیم نمایند. بدیهی است در صورت انقضای مدت مذکور و عدم وصول اعتراض طبق مقررات سند مالکیت صادر خواهد شد.
م/الف ۱۲۵۵
تاریخ انتشار نوبت اول: ۱۳۹۳/۶/۱۹
تاریخ انتشار نوبت دوم: ۱۳۹۳/۷/۳
داود انصاری – رییس ثبت اسناد و املاک شهرستان کازرون
۳/۱۲۶۲
آگهی موضوع ماده ۳ قانون و ماده ۱۳ آیین نامه قانون تعیین تکلیف وضعیت ثبتی اراضی و ساختمانهای فاقد سند رسمی
برابر رای شماره ۱۳۹۳۶۰۳۱۱۰۰۰۰۰۰ مورخ ۱۳۹۳/۰۵/۱۰ هیات اول موضوع قانون تعیین تکلیف وضعیت ثبتی اراضی و ساختمانهای فاقد سند رسمی مستقر در واحد ثبتی حوزه ثبت ملک کازرون تصرفات مالکانه و بلامعارض متقاضی آقای ... فرزند ... به شماره شناسنامه ... صادره از کازرون در ششدانگ یک باب خانه به مساحت ... مترمربع پلاک ... فرعی از ۵۹ اصلی مفروز و مجزی شده از پلاک ... فرعی از ۵۹ اصلی قطعه ۳ واقع در کازرون خریداری از مالک رسمی آقای ... محرز گردیده است. لذا به منظور اطلاع عموم مراتب در دو نوبت به فاصله ۱۵ روز آگهی می‌شود در صورتی که اشخاص نسبت به صدور سند مالکیت متقاضی اعتراضی داشته باشند می‌توانند از تاریخ انتشار اولین آگهی به مدت دو ماه اعتراض خود را به این اداره تسلیم و پس از اخذ رسید، ظرف مدت یک ماه از تاریخ تسلیم اعتراض، دادخواست خود را به مراجع قضایی تقدیم نمایند. بدیهی است در صورت انقضای مدت مذکور و عدم وصول اعتراض طبق مقررات سند مالکیت صادر خواهد شد.
م/الف ۱۲۵۶
تاریخ انتشار نوبت اول: ۱۳۹۳/۶/۱۹
تاریخ انتشار نوبت دوم: ۱۳۹۳/۷/۳
داود انصاری – رییس ثبت اسناد و املاک شهرستان کازرون
۳/۱۲۵۱
آگهی موضوع ماده ۳ قانون و ماده ۱۳ آیین نامه قانون تعیین تکلیف وضعیت ثبتی اراضی و ساختمانهای فاقد سند رسمی
برابر رای شماره ۱۳۹۳۶۰۳۱۱۰۰۰۰۰۰ مورخ ۱۳۹۳/۰۵/۱۰ هیات اول موضوع قانون تعیین تکلیف وضعیت ثبتی اراضی و ساختمانهای فاقد سند رسمی مستقر در واحد ثبتی حوزه ثبت ملک کازرون تصرفات مالکانه و بلامعارض متقاضی آقای ... فرزند ... به شماره شناسنامه ... صادره از کازرون در ششدانگ یک باب خانه به مساحت ... مترمربع پلاک ... فرعی از ۵۹ اصلی مفروز و مجزی شده از پلاک ... فرعی از ۵۹ اصلی قطعه ۳ واقع در کازرون خریداری از مالک رسمی آقای ... محرز گردیده است. لذا به منظور اطلاع عموم مراتب در دو نوبت به فاصله ۱۵ روز آگهی می‌شود در صورتی که اشخاص نسبت به صدور سند مالکیت متقاضی اعتراضی داشته باشند می‌توانند از تاریخ انتشار اولین آگهی به مدت دو ماه اعتراض خود را به این اداره تسلیم و پس از اخذ رسید، ظرف مدت یک ماه از تاریخ تسلیم اعتراض، دادخواست خود را به مراجع قضایی تقدیم نمایند. بدیهی است در صورت انقضای مدت مذکور و عدم وصول اعتراض طبق مقررات سند مالکیت صادر خواهد شد.
م/الف ۱۲۵۷
تاریخ انتشار نوبت اول: ۱۳۹۳/۶/۱۹
تاریخ انتشار نوبت دوم: ۱۳۹۳/۷/۳
داود انصاری – رییس ثبت اسناد و املاک شهرستان کازرون
۳/۱۲۵۱
آگهی موضوع ماده ۳ قانون و ماده ۱۳ آیین نامه قانون تعیین تکلیف وضعیت ثبتی اراضی و ساختمانهای فاقد سند رسمی
برابر رای شماره ۱۳۹۳۶۰۳۱۱۰۰۰۰۰۰ مورخ ۱۳۹۳/۰۵/۱۰ هیات اول موضوع قانون تعیین تکلیف وضعیت ثبتی اراضی و ساختمانهای فاقد سند رسمی مستقر در واحد ثبتی حوزه ثبت ملک کازرون تصرفات مالکانه و بلامعارض متقاضی آقای ... فرزند ... به شماره شناسنامه ... صادره از کازرون در ششدانگ یک باب خانه به مساحت ... مترمربع پلاک ... فرعی از ۵۹ اصلی مفروز و مجزی شده از پلاک ... فرعی از ۵۹ اصلی قطعه ۳ واقع در کازرون خریداری از مالک رسمی آقای ... محرز گردیده است. لذا به منظور اطلاع عموم مراتب در دو نوبت به فاصله ۱۵ روز آگهی می‌شود در صورتی که اشخاص نسبت به صدور سند مالکیت متقاضی اعتراضی داشته باشند می‌توانند از تاریخ انتشار اولین آگهی به مدت دو ماه اعتراض خود را به این اداره تسلیم و پس از اخذ رسید، ظرف مدت یک ماه از تاریخ تسلیم اعتراض، دادخواست خود را به مراجع قضایی تقدیم نمایند. بدیهی است در صورت انقضای مدت مذکور و عدم وصول اعتراض طبق مقررات سند مالکیت صادر خواهد شد.
م/الف ۱۲۵۹
تاریخ انتشار نوبت اول: ۱۳۹۳/۶/۱۹
تاریخ انتشار نوبت دوم: ۱۳۹۳/۷/۳
داود انصاری – رییس ثبت اسناد و املاک شهرستان کازرون
۳/۱۲۶۹
آگهی موضوع ماده ۳ قانون و ماده ۱۳ آیین نامه قانون تعیین تکلیف وضعیت ثبتی اراضی و ساختمانهای فاقد سند رسمی
برابر رای شماره ۱۳۹۳۶۰۳۱۱۰۰۰۰۰۰ مورخ ۱۳۹۳/۰۵/۱۰ هیات اول موضوع قانون تعیین تکلیف وضعیت ثبتی اراضی و ساختمانهای فاقد سند رسمی مستقر در واحد ثبتی حوزه ثبت ملک کازرون تصرفات مالکانه و بلامعارض متقاضی آقای ... فرزند ... به شماره شناسنامه ... صادره از کازرون در ششدانگ یک باب خانه به مساحت ... مترمربع پلاک ... فرعی از ۵۹ اصلی مفروز و مجزی شده از پلاک ... فرعی از ۵۹ اصلی قطعه ۳ واقع در کازرون خریداری از مالک رسمی آقای ... محرز گردیده است. لذا به منظور اطلاع عموم مراتب در دو نوبت به فاصله ۱۵ روز آگهی می‌شود در صورتی که اشخاص نسبت به صدور سند مالکیت متقاضی اعتراضی داشته باشند می‌توانند از تاریخ انتشار اولین آگهی به مدت دو ماه اعتراض خود را به این اداره تسلیم و پس از اخذ رسید، ظرف مدت یک ماه از تاریخ تسلیم اعتراض، دادخواست خود را به مراجع قضایی تقدیم نمایند. بدیهی است در صورت انقضای مدت مذکور و عدم وصول اعتراض طبق مقررات سند مالکیت صادر خواهد شد.
تاریخ انتشار نوبت اول: ۱۳۹۳/۶/۱۹
م/الف ۱۱۵۵
تاریخ انتشار نوبت دوم: ۱۳۹۳/۷/۳
داود انصاری – رییس ثبت اسناد و املاک شهرستان کازرون
۳/۱۱۷۱
آگهی موضوع ماده ۳ قانون و ماده ۱۳ آیین نامه قانون تعیین تکلیف وضعیت ثبتی اراضی و ساختمانهای فاقد سند رسمی
برابر رای شماره ۱۳۹۳۶۰۳۱۱۰۰۰۰۰۰ مورخ ۱۳۹۳/۰۵/۱۰ هیات اول موضوع قانون تعیین تکلیف وضعیت ثبتی اراضی و ساختمانهای فاقد سند رسمی مستقر در واحد ثبتی حوزه ثبت ملک کازرون تصرفات مالکانه و بلامعارض متقاضی آقای ... فرزند ... به شماره شناسنامه ... صادره از کازرون در ششدانگ یک باب خانه به مساحت ... مترمربع پلاک ... فرعی از ۵۹ اصلی مفروز و مجزی شده از پلاک ... فرعی از ۵۹ اصلی قطعه ۳ واقع در کازرون خریداری از مالک رسمی آقای ... محرز گردیده است. لذا به منظور اطلاع عموم مراتب در دو نوبت به فاصله ۱۵ روز آگهی می‌شود در صورتی که اشخاص نسبت به صدور سند مالکیت متقاضی اعتراضی داشته باشند می‌توانند از تاریخ انتشار اولین آگهی به مدت دو ماه اعتراض خود را به این اداره تسلیم و پس از اخذ رسید، ظرف مدت یک ماه از تاریخ تسلیم اعتراض، دادخواست خود را به مراجع قضایی تقدیم نمایند. بدیهی است در صورت انقضای مدت مذکور و عدم وصول اعتراض طبق مقررات سند مالکیت صادر خواهد شد.
تاریخ انتشار نوبت اول: ۱۳۹۳/۶/۱۹
م/الف ۱۱۵۷
تاریخ انتشار نوبت دوم: ۱۳۹۳/۷/۳
داود انصاری – رییس ثبت اسناد و املاک شهرستان کازرون
۳/۱۱۷۱
